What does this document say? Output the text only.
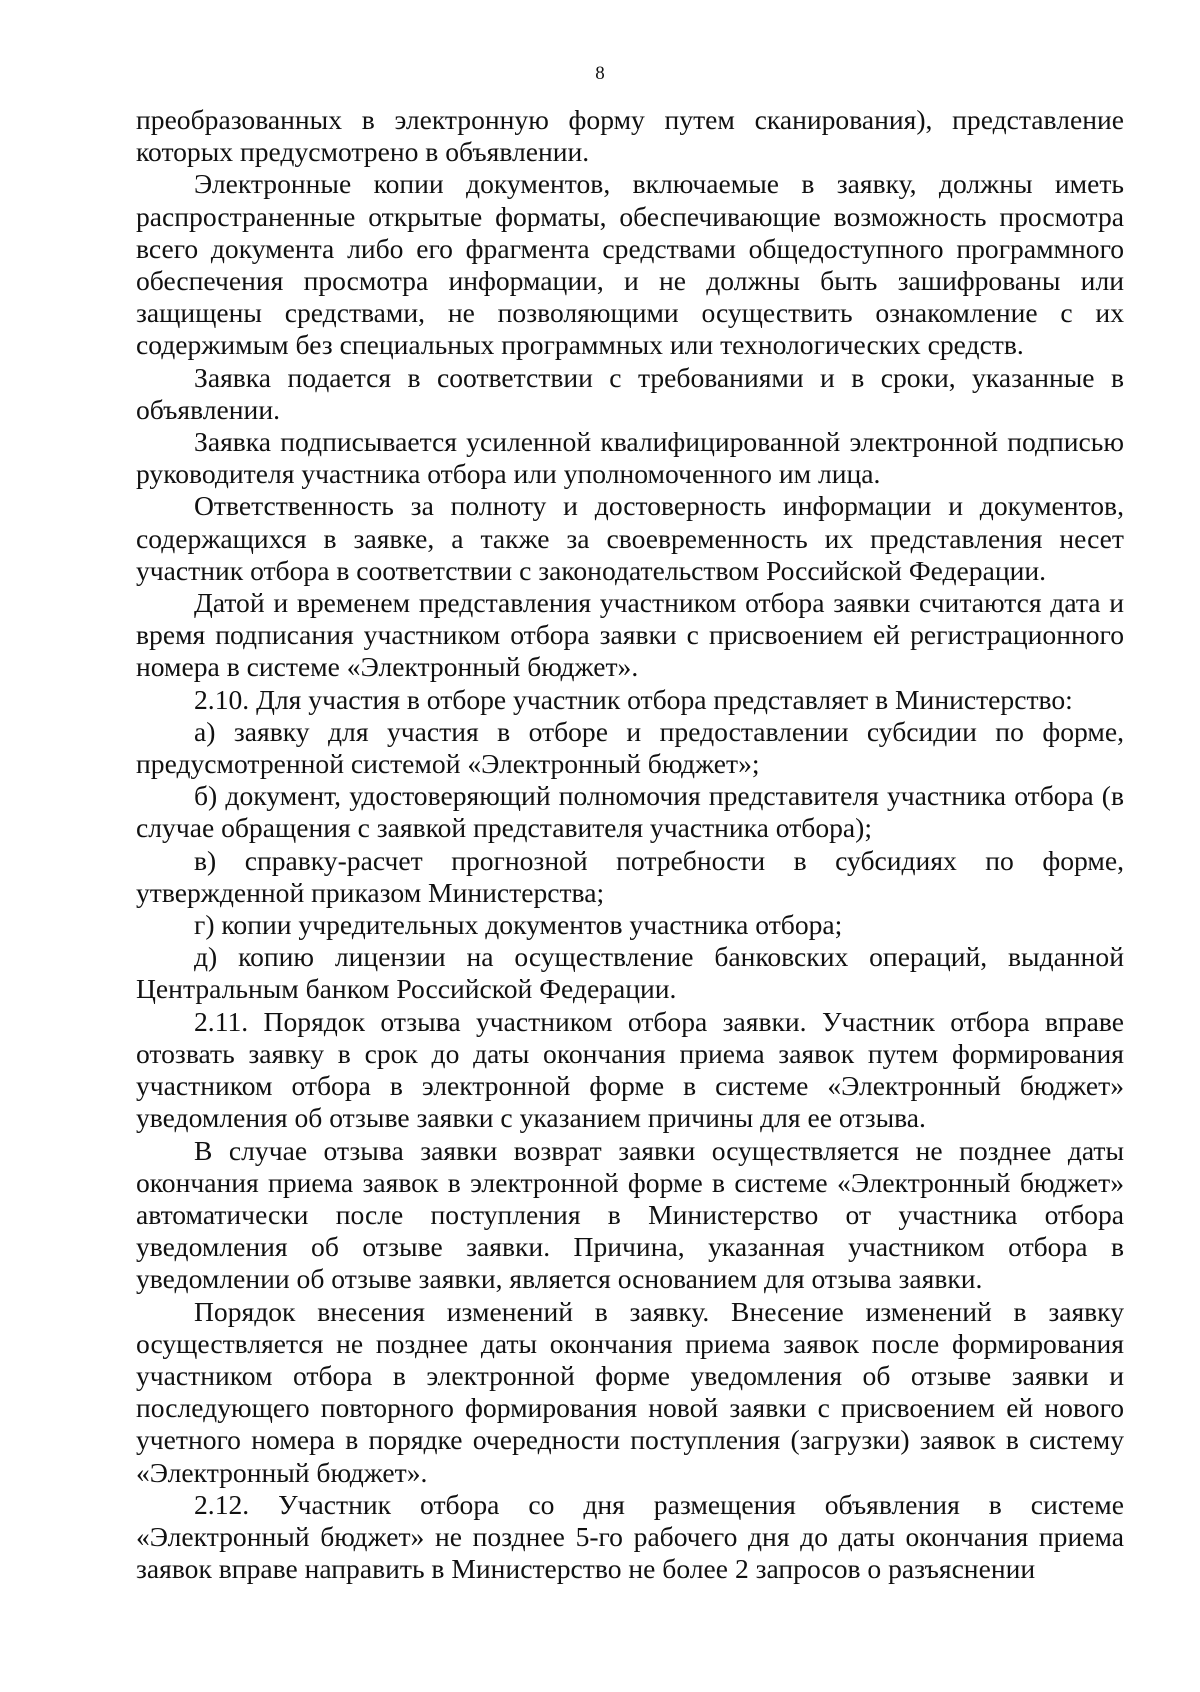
8

преобразованных в электронную форму путем сканирования), представление которых предусмотрено в объявлении.

Электронные копии документов, включаемые в заявку, должны иметь распространенные открытые форматы, обеспечивающие возможность просмотра всего документа либо его фрагмента средствами общедоступного программного обеспечения просмотра информации, и не должны быть зашифрованы или защищены средствами, не позволяющими осуществить ознакомление с их содержимым без специальных программных или технологических средств.

Заявка подается в соответствии с требованиями и в сроки, указанные в объявлении.

Заявка подписывается усиленной квалифицированной электронной подписью руководителя участника отбора или уполномоченного им лица.

Ответственность за полноту и достоверность информации и документов, содержащихся в заявке, а также за своевременность их представления несет участник отбора в соответствии с законодательством Российской Федерации.

Датой и временем представления участником отбора заявки считаются дата и время подписания участником отбора заявки с присвоением ей регистрационного номера в системе «Электронный бюджет».

2.10. Для участия в отборе участник отбора представляет в Министерство:

а) заявку для участия в отборе и предоставлении субсидии по форме, предусмотренной системой «Электронный бюджет»;

б) документ, удостоверяющий полномочия представителя участника отбора (в случае обращения с заявкой представителя участника отбора);

в) справку-расчет прогнозной потребности в субсидиях по форме, утвержденной приказом Министерства;

г) копии учредительных документов участника отбора;

д) копию лицензии на осуществление банковских операций, выданной Центральным банком Российской Федерации.

2.11. Порядок отзыва участником отбора заявки. Участник отбора вправе отозвать заявку в срок до даты окончания приема заявок путем формирования участником отбора в электронной форме в системе «Электронный бюджет» уведомления об отзыве заявки с указанием причины для ее отзыва.

В случае отзыва заявки возврат заявки осуществляется не позднее даты окончания приема заявок в электронной форме в системе «Электронный бюджет» автоматически после поступления в Министерство от участника отбора уведомления об отзыве заявки. Причина, указанная участником отбора в уведомлении об отзыве заявки, является основанием для отзыва заявки.

Порядок внесения изменений в заявку. Внесение изменений в заявку осуществляется не позднее даты окончания приема заявок после формирования участником отбора в электронной форме уведомления об отзыве заявки и последующего повторного формирования новой заявки с присвоением ей нового учетного номера в порядке очередности поступления (загрузки) заявок в систему «Электронный бюджет».

2.12. Участник отбора со дня размещения объявления в системе «Электронный бюджет» не позднее 5-го рабочего дня до даты окончания приема заявок вправе направить в Министерство не более 2 запросов о разъяснении
